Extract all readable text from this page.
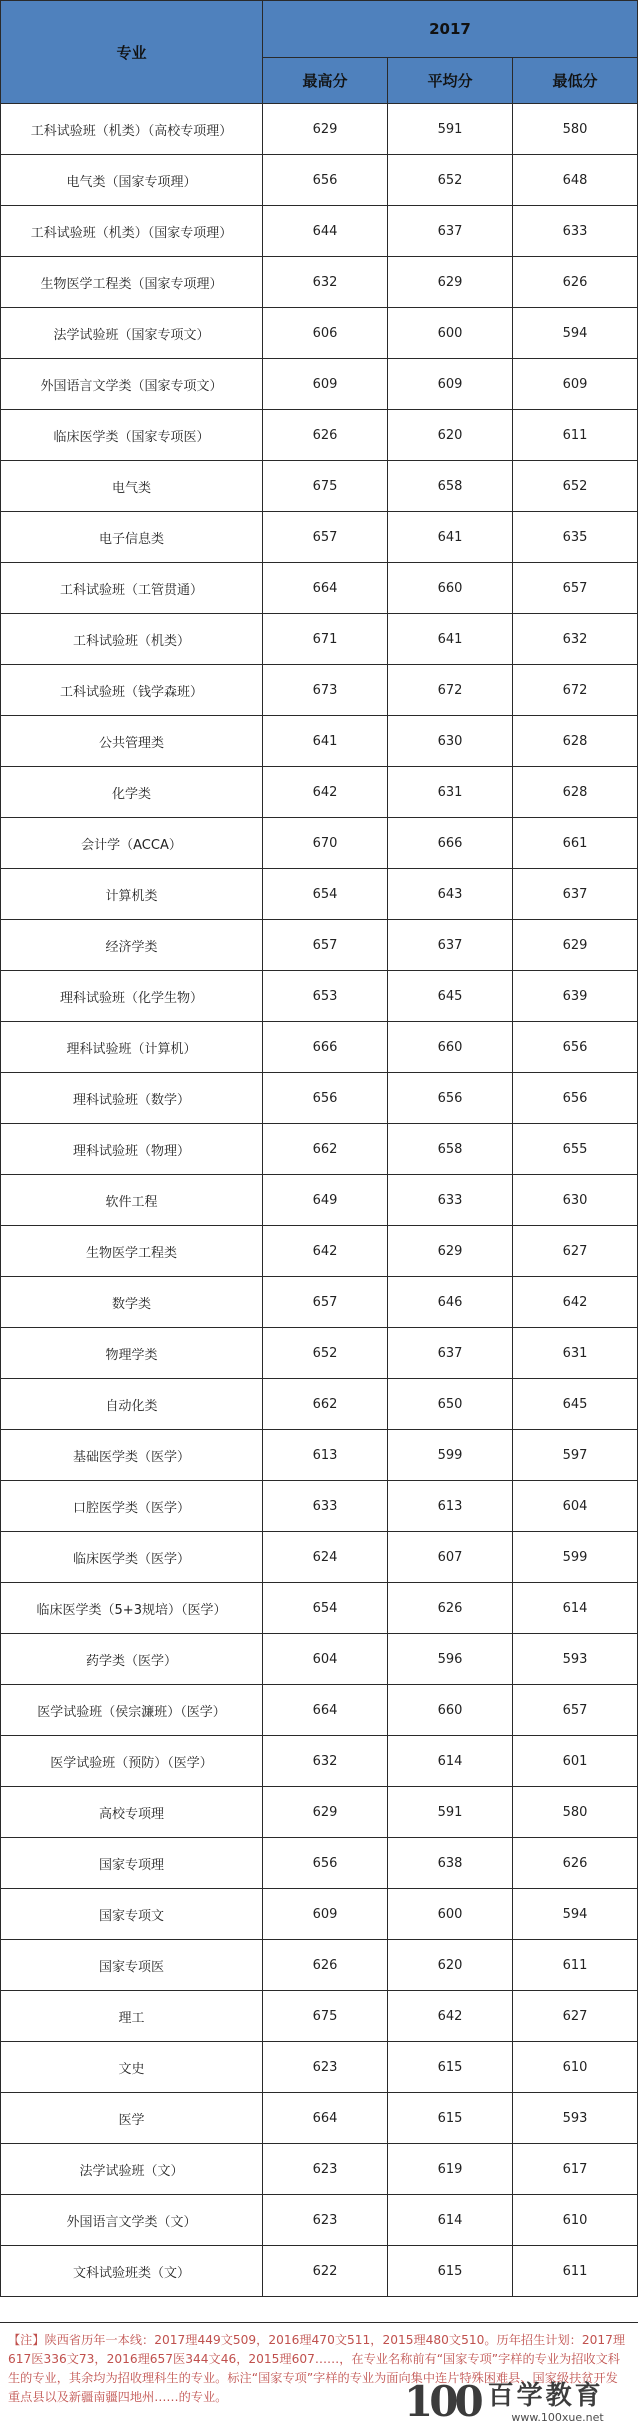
专业	2017		
	最高分	平均分	最低分
工科试验班（机类）（高校专项理）	629	591	580
电气类（国家专项理）	656	652	648
工科试验班（机类）（国家专项理）	644	637	633
生物医学工程类（国家专项理）	632	629	626
法学试验班（国家专项文）	606	600	594
外国语言文学类（国家专项文）	609	609	609
临床医学类（国家专项医）	626	620	611
电气类	675	658	652
电子信息类	657	641	635
工科试验班（工管贯通）	664	660	657
工科试验班（机类）	671	641	632
工科试验班（钱学森班）	673	672	672
公共管理类	641	630	628
化学类	642	631	628
会计学（ACCA）	670	666	661
计算机类	654	643	637
经济学类	657	637	629
理科试验班（化学生物）	653	645	639
理科试验班（计算机）	666	660	656
理科试验班（数学）	656	656	656
理科试验班（物理）	662	658	655
软件工程	649	633	630
生物医学工程类	642	629	627
数学类	657	646	642
物理学类	652	637	631
自动化类	662	650	645
基础医学类（医学）	613	599	597
口腔医学类（医学）	633	613	604
临床医学类（医学）	624	607	599
临床医学类（5+3规培）（医学）	654	626	614
药学类（医学）	604	596	593
医学试验班（侯宗濂班）（医学）	664	660	657
医学试验班（预防）（医学）	632	614	601
高校专项理	629	591	580
国家专项理	656	638	626
国家专项文	609	600	594
国家专项医	626	620	611
理工	675	642	627
文史	623	615	610
医学	664	615	593
法学试验班（文）	623	619	617
外国语言文学类（文）	623	614	610
文科试验班类（文）	622	615	611
【注】陕西省历年一本线：2017理449文509，2016理470文511，2015理480文510。历年招生计划：2017理617医336文73，2016理657医344文46，2015理607……，在专业名称前有“国家专项”字样的专业为招收文科生的专业，其余均为招收理科生的专业。标注“国家专项”字样的专业为面向集中连片特殊困难县、国家级扶贫开发重点县以及新疆南疆四地州……的专业。	100 百学教育
www.100xue.net
